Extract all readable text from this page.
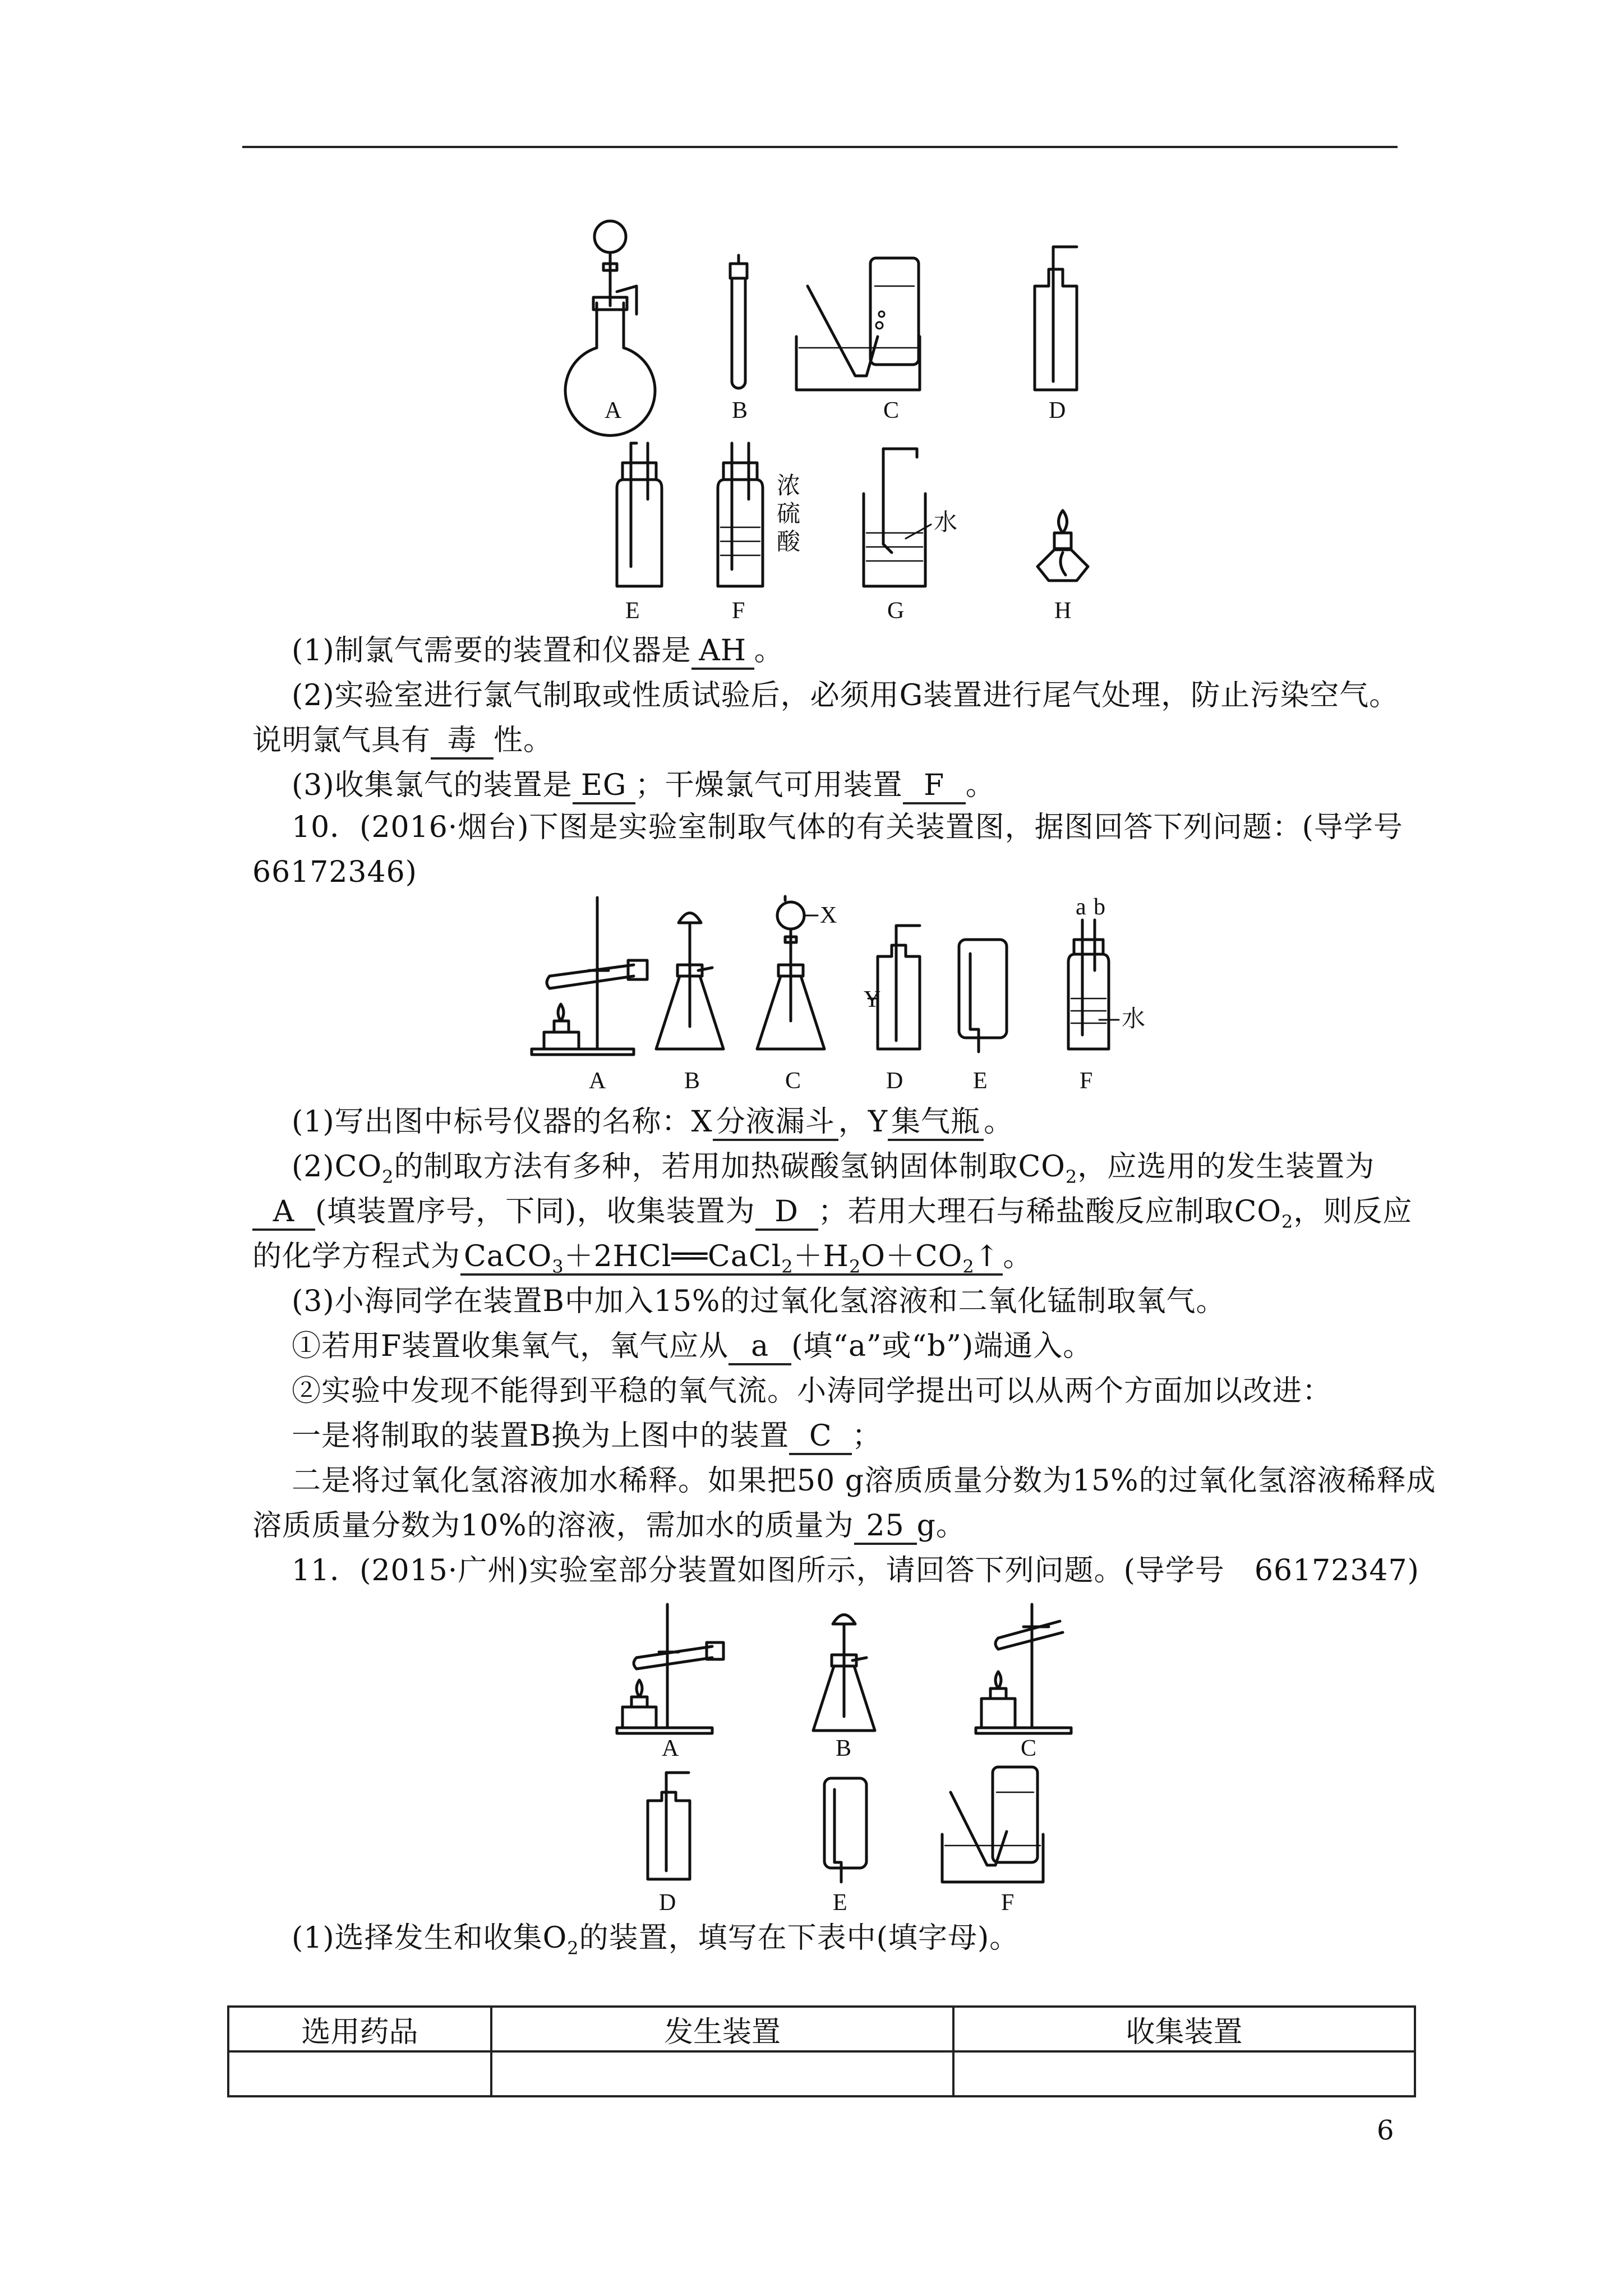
A	B	C	D
E
浓
硫
酸
F
水
G	H
(1)制氯气需要的装置和仪器是 AH 。
(2)实验室进行氯气制取或性质试验后，必须用G装置进行尾气处理，防止污染空气。
说明氯气具有 毒 性。
(3)收集氯气的装置是 EG ；干燥氯气可用装置 F 。
10．(2016·烟台)下图是实验室制取气体的有关装置图，据图回答下列问题：(导学号
66172346)
A	B
X
C
Y
D	E
a b
水
F
(1)写出图中标号仪器的名称：X 分液漏斗 ，Y 集气瓶 。
$(2)CO_2$的制取方法有多种，若用加热碳酸氢钠固体制取$CO_2$，应选用的发生装置为
A (填装置序号，下同)，收集装置为 D ；若用大理石与稀盐酸反应制取$CO_2$，则反应
的化学方程式为 $CaCO_3+2HCl══CaCl_2+H_2O+CO_2↑$ 。
(3)小海同学在装置B中加入15%的过氧化氢溶液和二氧化锰制取氧气。
①若用F装置收集氧气，氧气应从 a (填“a”或“b”)端通入。
②实验中发现不能得到平稳的氧气流。小涛同学提出可以从两个方面加以改进：
一是将制取的装置B换为上图中的装置 C ；
二是将过氧化氢溶液加水稀释。如果把50 g溶质质量分数为15%的过氧化氢溶液稀释成
溶质质量分数为10%的溶液，需加水的质量为 25 g。
11．(2015·广州)实验室部分装置如图所示，请回答下列问题。(导学号　66172347)
A	B	C
D	E	F
(1)选择发生和收集$O_2$的装置，填写在下表中(填字母)。
选用药品	发生装置	收集装置

6
